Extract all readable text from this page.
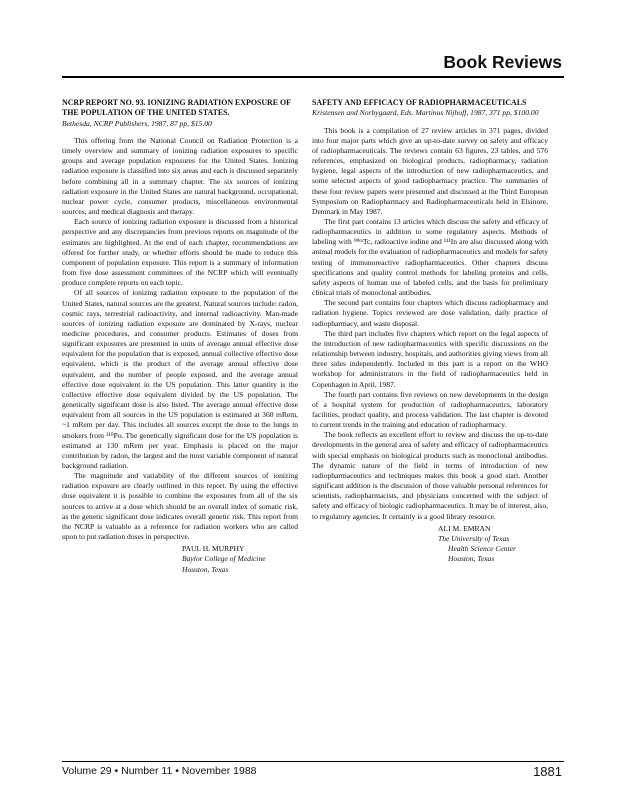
Book Reviews
NCRP REPORT NO. 93. IONIZING RADIATION EXPOSURE OF THE POPULATION OF THE UNITED STATES.
Bethesda, NCRP Publishers, 1987, 87 pp, $15.00

This offering from the National Council on Radiation Protection is a timely overview and summary of ionizing radiation exposures to specific groups and average population exposures for the United States. Ionizing radiation exposure is classified into six areas and each is discussed separately before combining all in a summary chapter. The six sources of ionizing radiation exposure in the United States are natural background, occupational, nuclear power cycle, consumer products, miscellaneous environmental sources, and medical diagnosis and therapy.

Each source of ionizing radiation exposure is discussed from a historical perspective and any discrepancies from previous reports on magnitude of the estimates are highlighted. At the end of each chapter, recommendations are offered for further study, or whether efforts should be made to reduce this component of population exposure. This report is a summary of information from five dose assessment committees of the NCRP which will eventually produce complete reports on each topic.

Of all sources of ionizing radiation exposure to the population of the United States, natural sources are the greatest. Natural sources include: radon, cosmic rays, terrestrial radioactivity, and internal radioactivity. Man-made sources of ionizing radiation exposure are dominated by X-rays, nuclear medicine procedures, and consumer products. Estimates of doses from significant exposures are presented in units of average annual effective dose equivalent for the population that is exposed, annual collective effective dose equivalent, which is the product of the average annual effective dose equivalent, and the number of people exposed, and the average annual effective dose equivalent in the US population. This latter quantity is the collective effective dose equivalent divided by the US population. The genetically significant dose is also listed. The average annual effective dose equivalent from all sources in the US population is estimated at 360 mRem, ~1 mRem per day. This includes all sources except the dose to the lungs in smokers from ²¹⁰Po. The genetically significant dose for the US population is estimated at 130 mRem per year. Emphasis is placed on the major contribution by radon, the largest and the most variable component of natural background radiation.

The magnitude and variability of the different sources of ionizing radiation exposure are clearly outlined in this report. By using the effective dose equivalent it is possible to combine the exposures from all of the six sources to arrive at a dose which should be an overall index of somatic risk, as the genetic significant dose indicates overall genetic risk. This report from the NCRP is valuable as a reference for radiation workers who are called upon to put radiation doses in perspective.

PAUL H. MURPHY
Baylor College of Medicine
Houston, Texas
SAFETY AND EFFICACY OF RADIOPHARMACEUTICALS
Kristensen and Norbygaard, Eds. Martinus Nijhoff, 1987, 371 pp, $100.00

This book is a compilation of 27 review articles in 371 pages, divided into four major parts which give an up-to-date survey on safety and efficacy of radiopharmaceuticals. The reviews contain 63 figures, 23 tables, and 576 references, emphasized on biological products, radiopharmacy, radiation hygiene, legal aspects of the introduction of new radiopharmaceutics, and some selected aspects of good radiopharmacy practice. The summaries of these four review papers were presented and discussed at the Third European Symposium on Radiopharmacy and Radiopharmaceuticals held in Elsinore, Denmark in May 1987.

The first part contains 13 articles which discuss the safety and efficacy of radiopharmaceutics in addition to some regulatory aspects. Methods of labeling with ⁹⁹ᵐTc, radioactive iodine and ¹¹¹In are also discussed along with animal models for the evaluation of radiopharmaceutics and models for safety testing of immunoreactive radiopharmaceutics. Other chapters discuss specifications and quality control methods for labeling proteins and cells, safety aspects of human use of labeled cells, and the basis for preliminary clinical trials of monoclonal antibodies.

The second part contains four chapters which discuss radiopharmacy and radiation hygiene. Topics reviewed are dose validation, daily practice of radiopharmacy, and waste disposal.

The third part includes five chapters which report on the legal aspects of the introduction of new radiopharmaceutics with specific discussions on the relationship between industry, hospitals, and authorities giving views from all three sides independently. Included in this part is a report on the WHO workshop for administrators in the field of radiopharmaceutics held in Copenhagen in April, 1987.

The fourth part contains five reviews on new developments in the design of a hospital system for production of radiopharmaceutics, laboratory facilities, product quality, and process validation. The last chapter is devoted to current trends in the training and education of radiopharmacy.

The book reflects an excellent effort to review and discuss the up-to-date developments in the general area of safety and efficacy of radiopharmaceutics with special emphasis on biological products such as monoclonal antibodies. The dynamic nature of the field in terms of introduction of new radiopharmaceutics and techniques makes this book a good start. Another significant addition is the discussion of those valuable personal references for scientists, radiopharmacists, and physicians concerned with the subject of safety and efficacy of biologic radiopharmaceutics. It may be of interest, also, to regulatory agencies. It certainly is a good library resource.

ALI M. EMRAN
The University of Texas
Health Science Center
Houston, Texas
Volume 29 • Number 11 • November 1988	1881
